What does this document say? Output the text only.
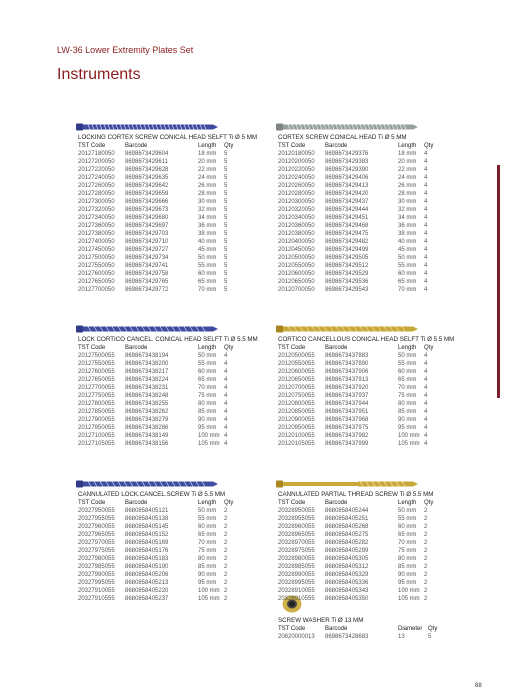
LW-36 Lower Extremity Plates Set
Instruments
LOCKING CORTEX SCREW CONICAL HEAD SELFT Ti Ø 5 MM
TST Code	Barcode	Length	Qty
20127180050	8698673429604	18 mm	5
20127200050	8698673429611	20 mm	5
20127220050	8698673429628	22 mm	5
20127240050	8698673429635	24 mm	5
20127260050	8698673429642	26 mm	5
20127280050	8698673429659	28 mm	5
20127300050	8698673429666	30 mm	5
20127320050	8698673429673	32 mm	5
20127340050	8698673429680	34 mm	5
20127360050	8698673429697	36 mm	5
20127380050	8698673429703	38 mm	5
20127400050	8698673429710	40 mm	5
20127450050	8698673429727	45 mm	5
20127500050	8698673429734	50 mm	5
20127550050	8698673429741	55 mm	5
20127600050	8698673429758	60 mm	5
20127650050	8698673429765	65 mm	5
20127700050	8698673429772	70 mm	5
CORTEX SCREW CONICAL HEAD Ti Ø 5 MM
TST Code	Barcode	Length	Qty
20120180050	8698673429376	18 mm	4
20120200050	8698673429383	20 mm	4
20120220050	8698673429390	22 mm	4
20120240050	8698673429406	24 mm	4
20120260050	8698673429413	26 mm	4
20120280050	8698673429420	28 mm	4
20120300050	8698673429437	30 mm	4
20120320050	8698673429444	32 mm	4
20120340050	8698673429451	34 mm	4
20120360050	8698673429468	36 mm	4
20120380050	8698673429475	38 mm	4
20120400050	8698673429482	40 mm	4
20120450050	8698673429499	45 mm	4
20120500050	8698673429505	50 mm	4
20120550050	8698673429512	55 mm	4
20120600050	8698673429529	60 mm	4
20120650050	8698673429536	65 mm	4
20120700050	8698673429543	70 mm	4
LOCK CORTICO CANCEL. CONICAL HEAD SELFT Ti Ø 5.5 MM
TST Code	Barcode	Length	Qty
20127500055	8698673438194	50 mm	4
20127550055	8698673438200	55 mm	4
20127600055	8698673438217	60 mm	4
20127650055	8698673438224	65 mm	4
20127700055	8698673438231	70 mm	4
20127750055	8698673438248	75 mm	4
20127800055	8698673438255	80 mm	4
20127850055	8698673438262	85 mm	4
20127900055	8698673438279	90 mm	4
20127950055	8698673438286	95 mm	4
20127100055	8698673438149	100 mm 4
20127105055	8698673438156	105 mm 4
CORTICO CANCELLOUS CONICAL HEAD SELFT Ti Ø 5.5 MM
TST Code	Barcode	Length	Qty
20120500055	8698673437883	50 mm	4
20120550055	8698673437890	55 mm	4
20120600055	8698673437906	60 mm	4
20120650055	8698673437913	65 mm	4
20120700055	8698673437920	70 mm	4
20120750055	8698673437937	75 mm	4
20120800055	8698673437944	80 mm	4
20120850055	8698673437951	85 mm	4
20120900055	8698673437968	90 mm	4
20120950055	8698673437975	95 mm	4
20120100055	8698673437982	100 mm 4
20120105055	8698673437999	105 mm 4
CANNULATED LOCK.CANCEL.SCREW Ti Ø 5.5 MM
TST Code	Barcode	Length	Qty
20327950055	8680858405121	50 mm	2
20327955055	8680858405138	55 mm	2
20327960055	8680858405145	60 mm	2
20327965055	8680858405152	65 mm	2
20327970055	8680858405169	70 mm	2
20327975055	8680858405176	75 mm	2
20327980055	8680858405183	80 mm	2
20327985055	8680858405190	85 mm	2
20327990055	8680858405206	90 mm	2
20327995055	8680858405213	95 mm	2
20327910055	8680858405220	100 mm 2
20327910555	8680858405237	105 mm 2
CANNULATED PARTIAL THREAD SCREW Ti Ø 5.5 MM
TST Code	Barcode	Length	Qty
20328950055	8680858405244	50 mm	2
20328955055	8680858405251	55 mm	2
20328960055	8680858405268	60 mm	2
20328965055	8680858405275	65 mm	2
20328970055	8680858405282	70 mm	2
20328975055	8680858405299	75 mm	2
20328980055	8680858405305	80 mm	2
20328985055	8680858405312	85 mm	2
20328990055	8680858405329	90 mm	2
20328995055	8680858405336	95 mm	2
20328910055	8680858405343	100 mm 2
20328910555	8680858405350	105 mm 2
SCREW WASHER Ti Ø 13 MM
TST Code	Barcode	Diameter Qty
20820000013	8698673428683	13	5
88
